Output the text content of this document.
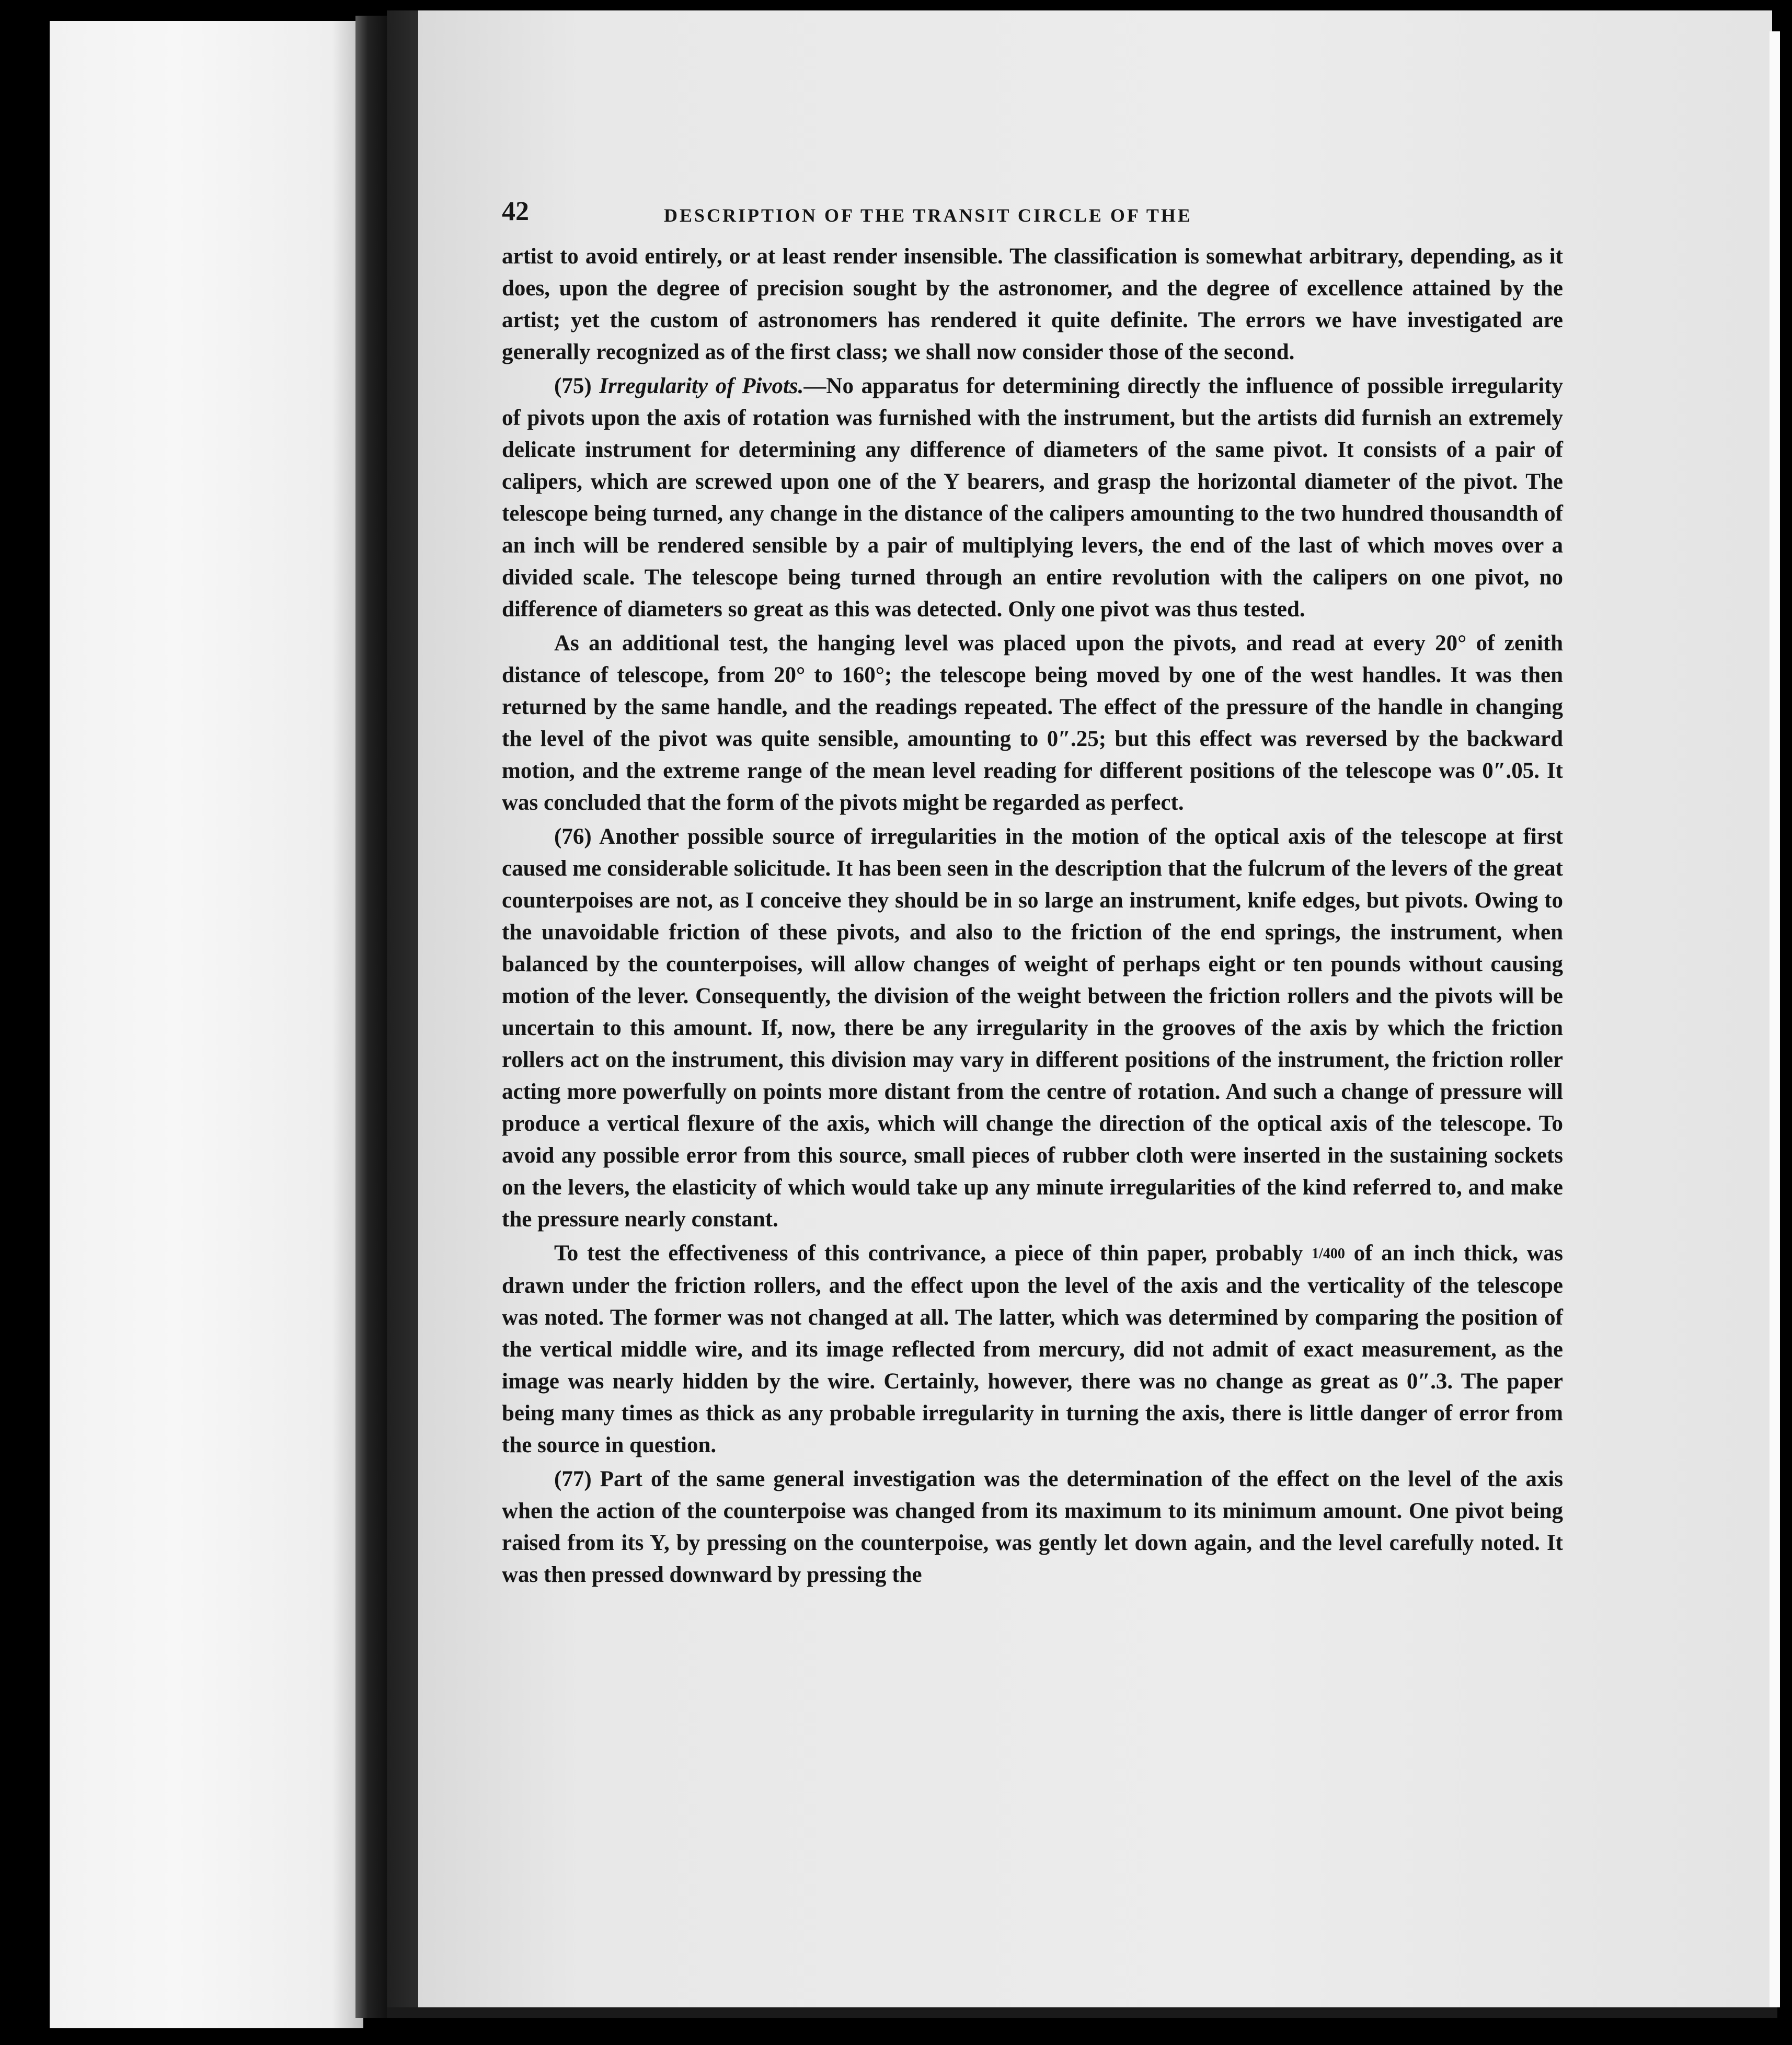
42	DESCRIPTION OF THE TRANSIT CIRCLE OF THE

artist to avoid entirely, or at least render insensible. The classification is somewhat arbitrary, depending, as it does, upon the degree of precision sought by the astronomer, and the degree of excellence attained by the artist; yet the custom of astronomers has rendered it quite definite. The errors we have investigated are generally recognized as of the first class; we shall now consider those of the second.

(75) Irregularity of Pivots.—No apparatus for determining directly the influence of possible irregularity of pivots upon the axis of rotation was furnished with the instrument, but the artists did furnish an extremely delicate instrument for determining any difference of diameters of the same pivot. It consists of a pair of calipers, which are screwed upon one of the Y bearers, and grasp the horizontal diameter of the pivot. The telescope being turned, any change in the distance of the calipers amounting to the two hundred thousandth of an inch will be rendered sensible by a pair of multiplying levers, the end of the last of which moves over a divided scale. The telescope being turned through an entire revolution with the calipers on one pivot, no difference of diameters so great as this was detected. Only one pivot was thus tested.

As an additional test, the hanging level was placed upon the pivots, and read at every 20° of zenith distance of telescope, from 20° to 160°; the telescope being moved by one of the west handles. It was then returned by the same handle, and the readings repeated. The effect of the pressure of the handle in changing the level of the pivot was quite sensible, amounting to 0″.25; but this effect was reversed by the backward motion, and the extreme range of the mean level reading for different positions of the telescope was 0″.05. It was concluded that the form of the pivots might be regarded as perfect.

(76) Another possible source of irregularities in the motion of the optical axis of the telescope at first caused me considerable solicitude. It has been seen in the description that the fulcrum of the levers of the great counterpoises are not, as I conceive they should be in so large an instrument, knife edges, but pivots. Owing to the unavoidable friction of these pivots, and also to the friction of the end springs, the instrument, when balanced by the counterpoises, will allow changes of weight of perhaps eight or ten pounds without causing motion of the lever. Consequently, the division of the weight between the friction rollers and the pivots will be uncertain to this amount. If, now, there be any irregularity in the grooves of the axis by which the friction rollers act on the instrument, this division may vary in different positions of the instrument, the friction roller acting more powerfully on points more distant from the centre of rotation. And such a change of pressure will produce a vertical flexure of the axis, which will change the direction of the optical axis of the telescope. To avoid any possible error from this source, small pieces of rubber cloth were inserted in the sustaining sockets on the levers, the elasticity of which would take up any minute irregularities of the kind referred to, and make the pressure nearly constant.

To test the effectiveness of this contrivance, a piece of thin paper, probably 1/400 of an inch thick, was drawn under the friction rollers, and the effect upon the level of the axis and the verticality of the telescope was noted. The former was not changed at all. The latter, which was determined by comparing the position of the vertical middle wire, and its image reflected from mercury, did not admit of exact measurement, as the image was nearly hidden by the wire. Certainly, however, there was no change as great as 0″.3. The paper being many times as thick as any probable irregularity in turning the axis, there is little danger of error from the source in question.

(77) Part of the same general investigation was the determination of the effect on the level of the axis when the action of the counterpoise was changed from its maximum to its minimum amount. One pivot being raised from its Y, by pressing on the counterpoise, was gently let down again, and the level carefully noted. It was then pressed downward by pressing the
